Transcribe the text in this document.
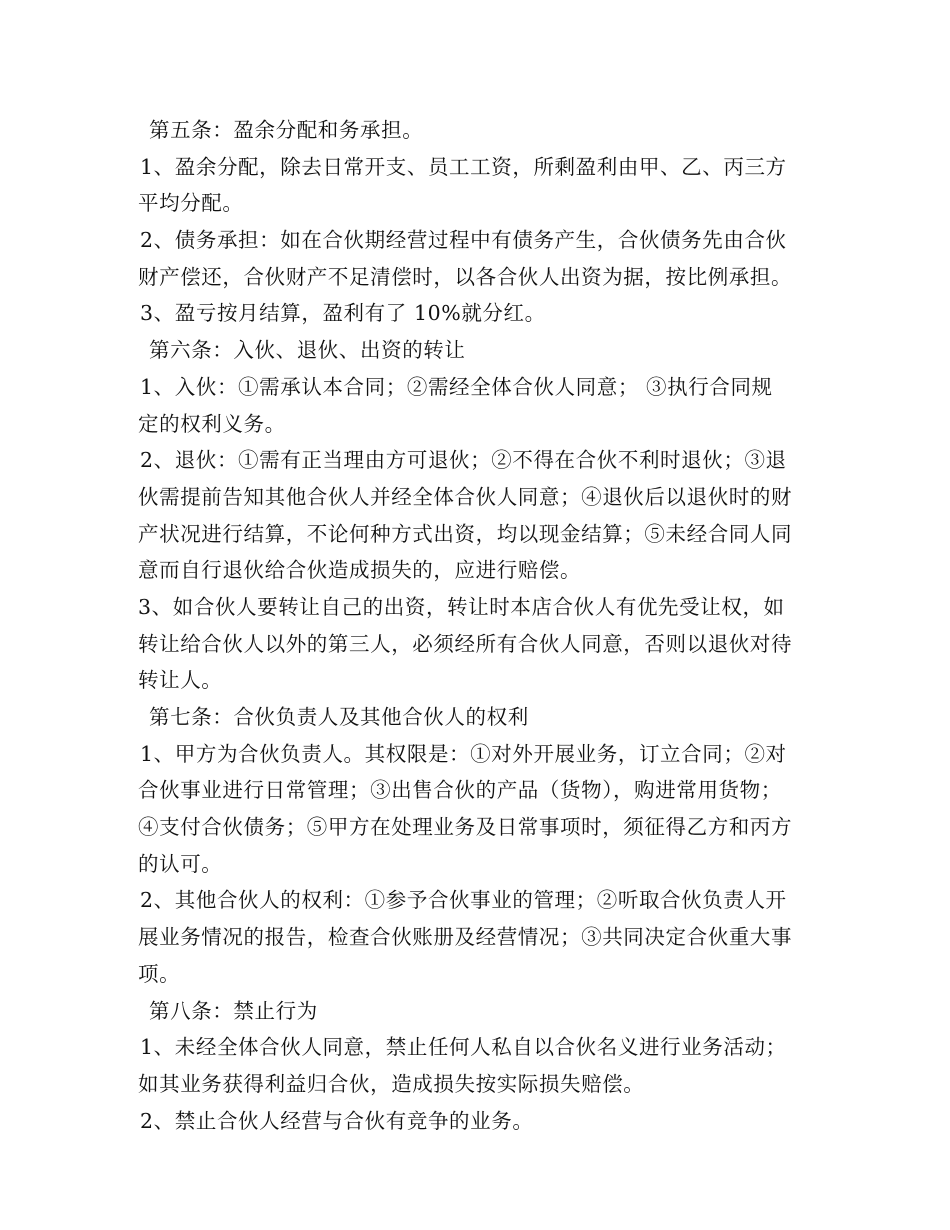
第五条：盈余分配和务承担。
1、盈余分配，除去日常开支、员工工资，所剩盈利由甲、乙、丙三方
平均分配。
2、债务承担：如在合伙期经营过程中有债务产生，合伙债务先由合伙
财产偿还，合伙财产不足清偿时，以各合伙人出资为据，按比例承担。
3、盈亏按月结算，盈利有了 10%就分红。
第六条：入伙、退伙、出资的转让
1、入伙：①需承认本合同；②需经全体合伙人同意； ③执行合同规
定的权利义务。
2、退伙：①需有正当理由方可退伙；②不得在合伙不利时退伙；③退
伙需提前告知其他合伙人并经全体合伙人同意；④退伙后以退伙时的财
产状况进行结算，不论何种方式出资，均以现金结算；⑤未经合同人同
意而自行退伙给合伙造成损失的，应进行赔偿。
3、如合伙人要转让自己的出资，转让时本店合伙人有优先受让权，如
转让给合伙人以外的第三人，必须经所有合伙人同意，否则以退伙对待
转让人。
第七条：合伙负责人及其他合伙人的权利
1、甲方为合伙负责人。其权限是：①对外开展业务，订立合同；②对
合伙事业进行日常管理；③出售合伙的产品（货物），购进常用货物；
④支付合伙债务；⑤甲方在处理业务及日常事项时，须征得乙方和丙方
的认可。
2、其他合伙人的权利：①参予合伙事业的管理；②听取合伙负责人开
展业务情况的报告，检查合伙账册及经营情况；③共同决定合伙重大事
项。
第八条：禁止行为
1、未经全体合伙人同意，禁止任何人私自以合伙名义进行业务活动；
如其业务获得利益归合伙，造成损失按实际损失赔偿。
2、禁止合伙人经营与合伙有竞争的业务。
